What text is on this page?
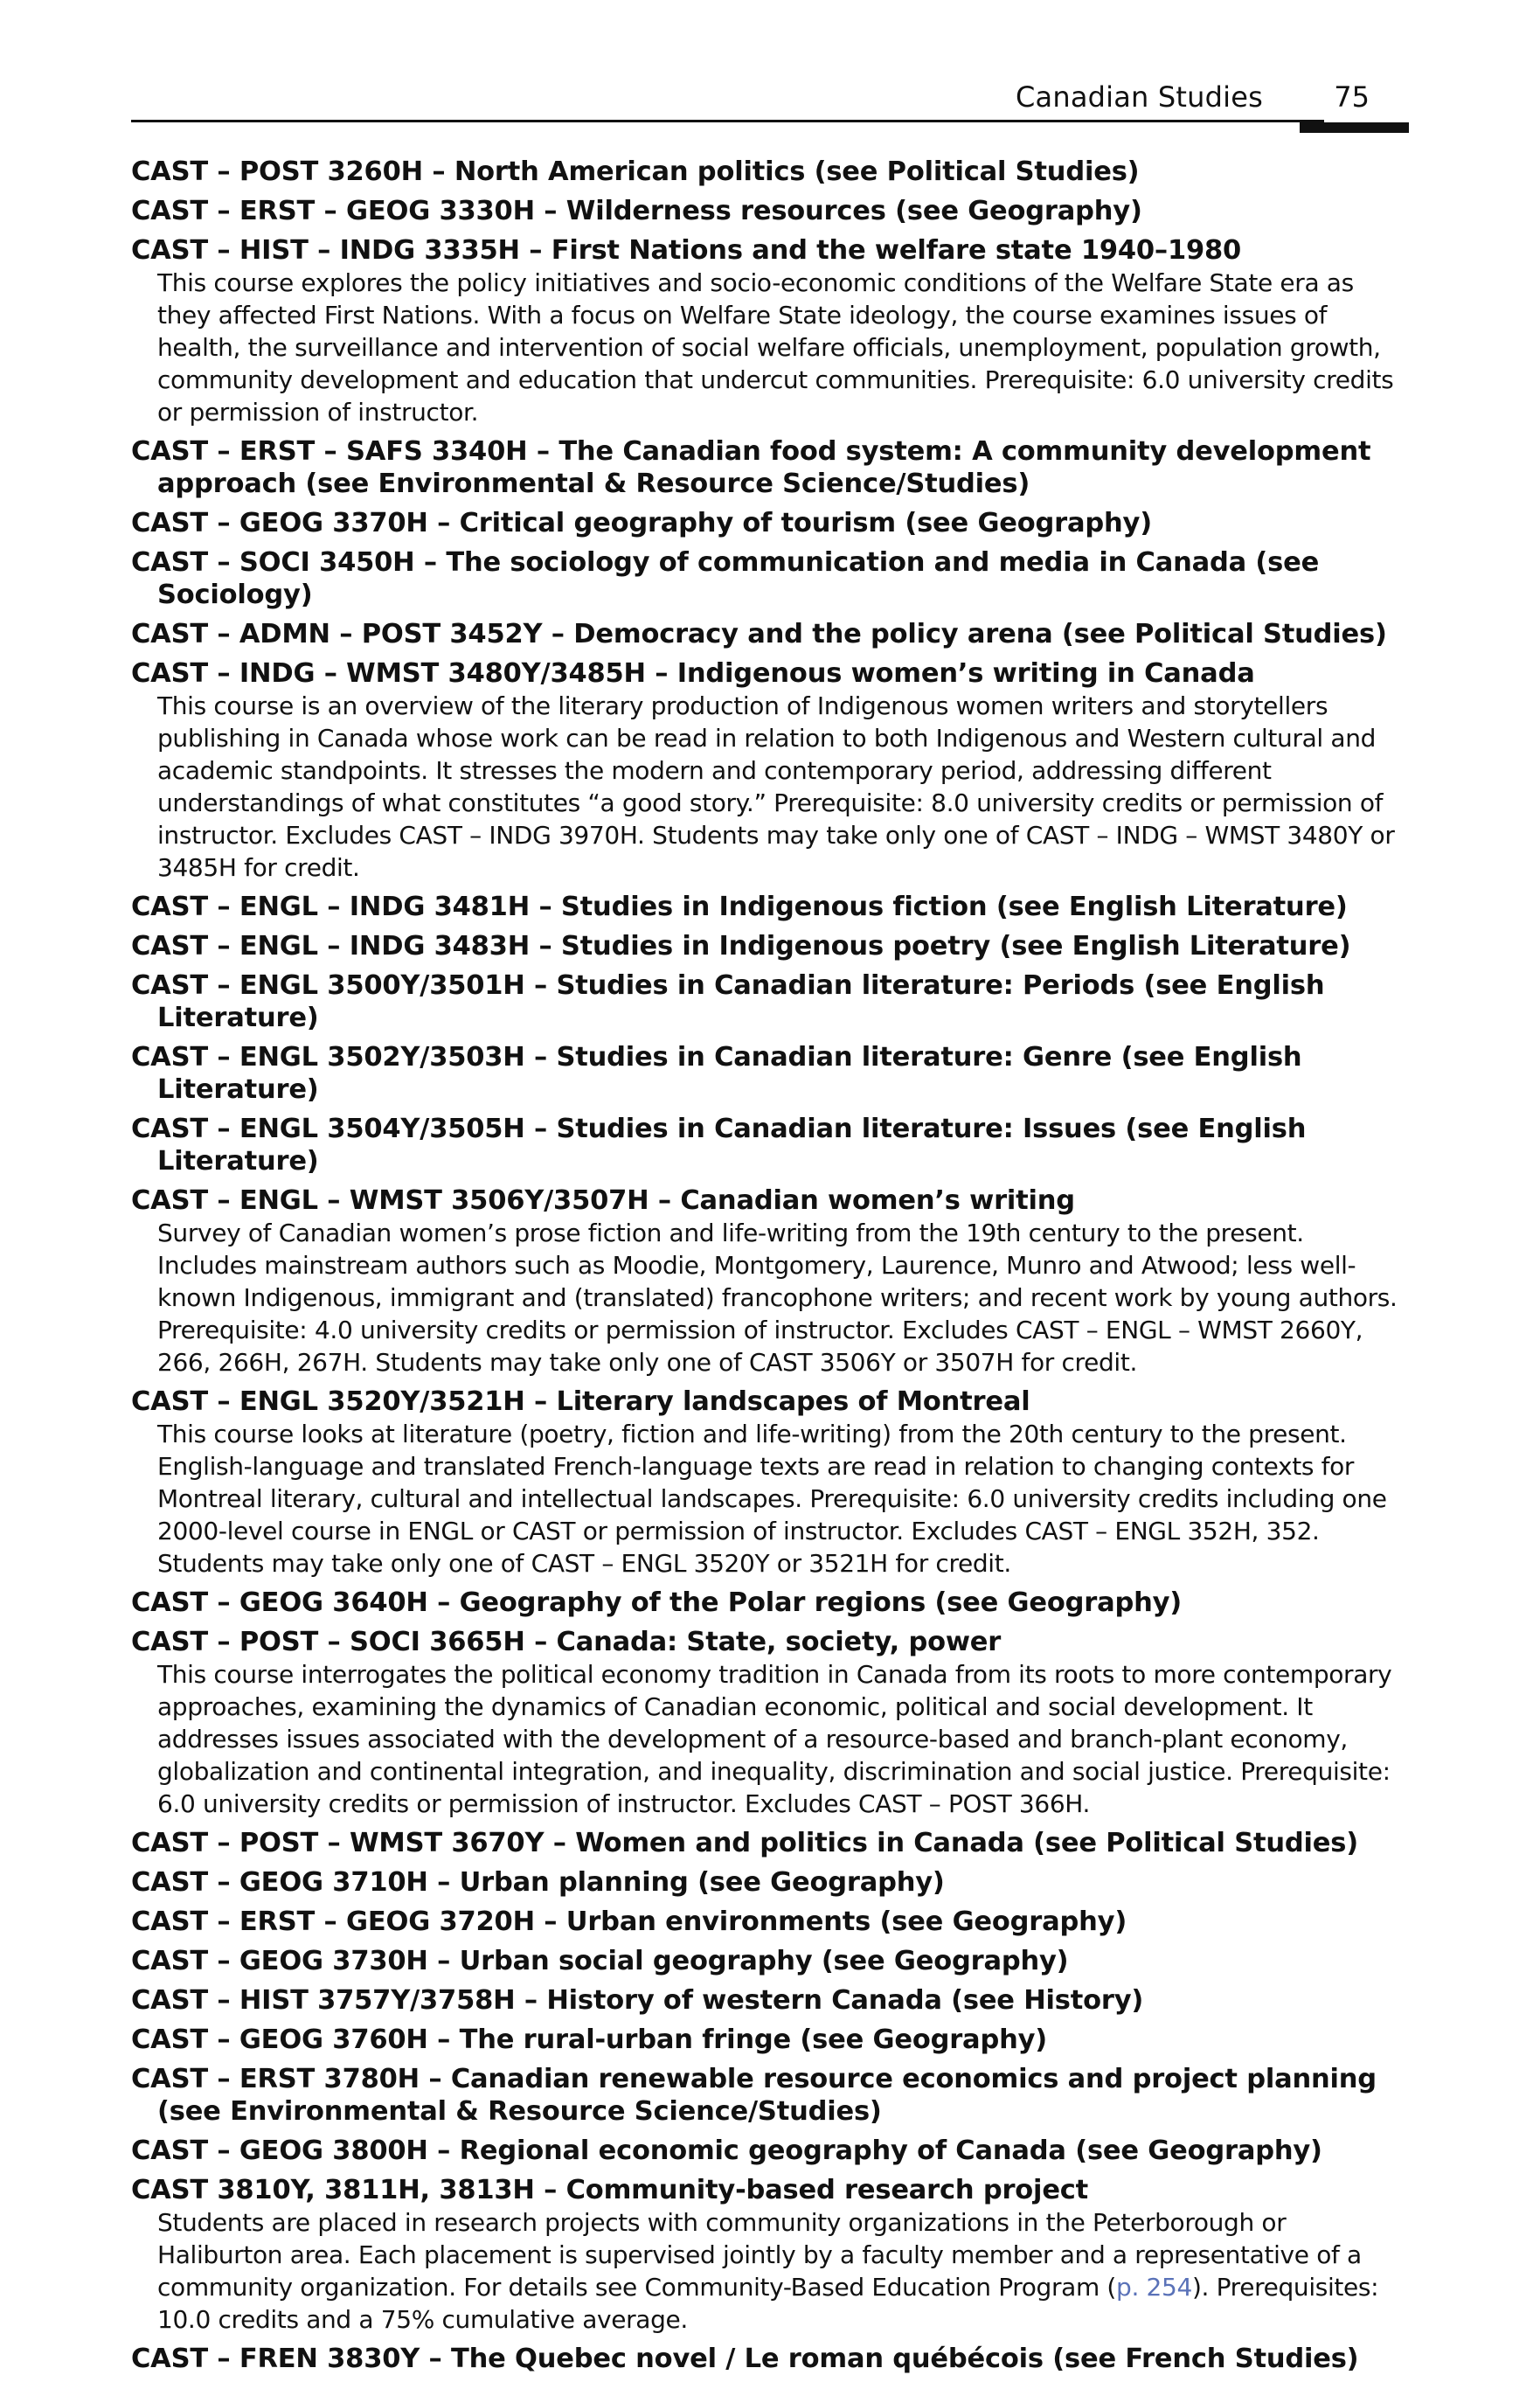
Canadian Studies	75
CAST – POST 3260H – North American politics (see Political Studies)
CAST – ERST – GEOG 3330H – Wilderness resources (see Geography)
CAST – HIST – INDG 3335H – First Nations and the welfare state 1940–1980
This course explores the policy initiatives and socio-economic conditions of the Welfare State era as they affected First Nations. With a focus on Welfare State ideology, the course examines issues of health, the surveillance and intervention of social welfare officials, unemployment, population growth, community development and education that undercut communities. Prerequisite: 6.0 university credits or permission of instructor.
CAST – ERST – SAFS 3340H – The Canadian food system: A community development approach (see Environmental & Resource Science/Studies)
CAST – GEOG 3370H – Critical geography of tourism (see Geography)
CAST – SOCI 3450H – The sociology of communication and media in Canada (see Sociology)
CAST – ADMN – POST 3452Y – Democracy and the policy arena (see Political Studies)
CAST – INDG – WMST 3480Y/3485H – Indigenous women’s writing in Canada
This course is an overview of the literary production of Indigenous women writers and storytellers publishing in Canada whose work can be read in relation to both Indigenous and Western cultural and academic standpoints. It stresses the modern and contemporary period, addressing different understandings of what constitutes “a good story.” Prerequisite: 8.0 university credits or permission of instructor. Excludes CAST – INDG 3970H. Students may take only one of CAST – INDG – WMST 3480Y or 3485H for credit.
CAST – ENGL – INDG 3481H – Studies in Indigenous fiction (see English Literature)
CAST – ENGL – INDG 3483H – Studies in Indigenous poetry (see English Literature)
CAST – ENGL 3500Y/3501H – Studies in Canadian literature: Periods (see English Literature)
CAST – ENGL 3502Y/3503H – Studies in Canadian literature: Genre (see English Literature)
CAST – ENGL 3504Y/3505H – Studies in Canadian literature: Issues (see English Literature)
CAST – ENGL – WMST 3506Y/3507H – Canadian women’s writing
Survey of Canadian women’s prose fiction and life-writing from the 19th century to the present. Includes mainstream authors such as Moodie, Montgomery, Laurence, Munro and Atwood; less well-known Indigenous, immigrant and (translated) francophone writers; and recent work by young authors. Prerequisite: 4.0 university credits or permission of instructor. Excludes CAST – ENGL – WMST 2660Y, 266, 266H, 267H. Students may take only one of CAST 3506Y or 3507H for credit.
CAST – ENGL 3520Y/3521H – Literary landscapes of Montreal
This course looks at literature (poetry, fiction and life-writing) from the 20th century to the present. English-language and translated French-language texts are read in relation to changing contexts for Montreal literary, cultural and intellectual landscapes. Prerequisite: 6.0 university credits including one 2000-level course in ENGL or CAST or permission of instructor. Excludes CAST – ENGL 352H, 352. Students may take only one of CAST – ENGL 3520Y or 3521H for credit.
CAST – GEOG 3640H – Geography of the Polar regions (see Geography)
CAST – POST – SOCI 3665H – Canada: State, society, power
This course interrogates the political economy tradition in Canada from its roots to more contemporary approaches, examining the dynamics of Canadian economic, political and social development. It addresses issues associated with the development of a resource-based and branch-plant economy, globalization and continental integration, and inequality, discrimination and social justice. Prerequisite: 6.0 university credits or permission of instructor. Excludes CAST – POST 366H.
CAST – POST – WMST 3670Y – Women and politics in Canada (see Political Studies)
CAST – GEOG 3710H – Urban planning (see Geography)
CAST – ERST – GEOG 3720H – Urban environments (see Geography)
CAST – GEOG 3730H – Urban social geography (see Geography)
CAST – HIST 3757Y/3758H – History of western Canada (see History)
CAST – GEOG 3760H – The rural-urban fringe (see Geography)
CAST – ERST 3780H – Canadian renewable resource economics and project planning (see Environmental & Resource Science/Studies)
CAST – GEOG 3800H – Regional economic geography of Canada (see Geography)
CAST 3810Y, 3811H, 3813H – Community-based research project
Students are placed in research projects with community organizations in the Peterborough or Haliburton area. Each placement is supervised jointly by a faculty member and a representative of a community organization. For details see Community-Based Education Program (p. 254). Prerequisites: 10.0 credits and a 75% cumulative average.
CAST – FREN 3830Y – The Quebec novel / Le roman québécois (see French Studies)
